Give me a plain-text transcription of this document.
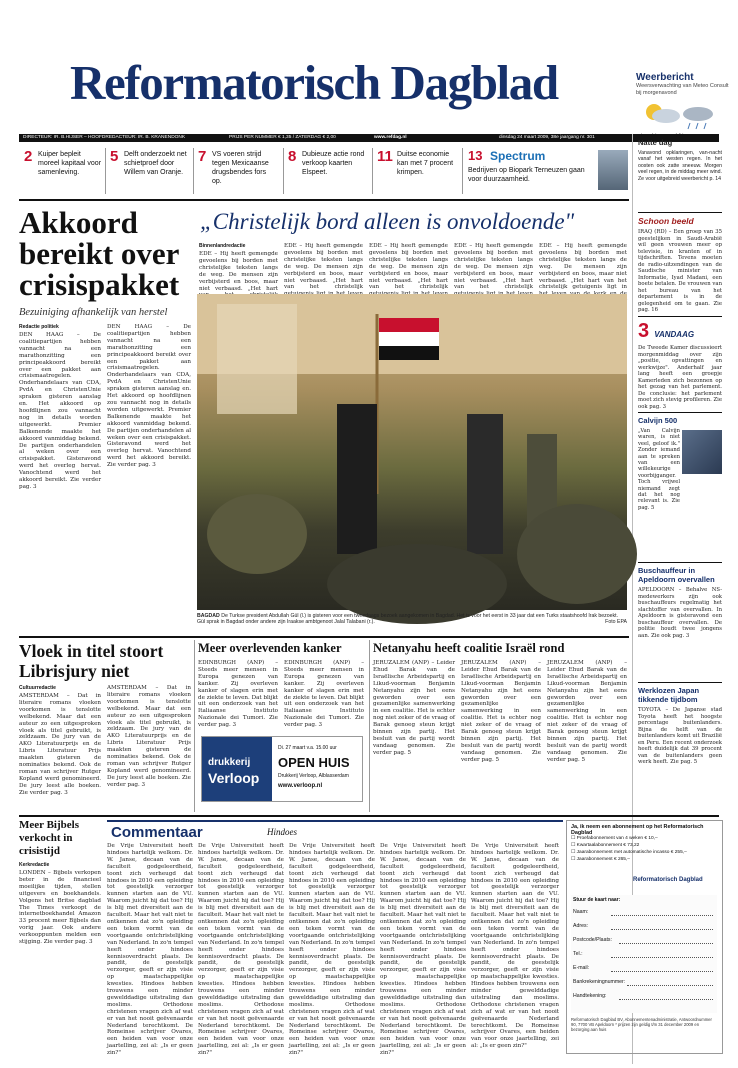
Reformatorisch Dagblad	Weerbericht
Weersverwachting van Meteo Consult
bij morgenavond
DIRECTEUR: IR. B.HIJSER – HOOFDREDACTEUR: IR. B. KRANENDONK	PRIJS PER NUMMER € 1,35 / ZATERDAG € 2,00	www.refdag.nl	dinsdag 24 maart 2009, 38e jaargang nr. 301
2 Kuiper bepleit moreel kapitaal voor samenleving.
5 Delft onderzoekt net schietproef door Willem van Oranje.
7 VS voeren strijd tegen Mexicaanse drugsbendes fors op.
8 Dubieuze actie rond verkoop kaarten Elspeet.
11 Duitse economie kan met 7 procent krimpen.
13 Spectrum
Bedrijven op Biopark Terneuzen gaan voor duurzaamheid.
Natte dag
Vanavond opklaringen, van-nacht vanaf het westen regen. In het oosten ook zatte sneeuw. Morgen veel regen, in de middag meer wind. Ze voor uitgebreid weerbericht p. 14
Schoon beeld
IRAQ (RD) – Een groep van 35 geestelijken in Saudi-Arabië wil geen vrouwen meer op televisie, in kranten of in tijdschriften. Tevens moeten de radio-uitzendingen van de Saudische minister van Informatie, Iyad Madani, een boete betalen. De vrouwen van het bureau van het departement is in de gelegenheid om te gaan. Zie pag. 16
3 VANDAAG
De Tweede Kamer discussieert morgenmiddag over zijn „positie, opvattingen en werkwijze". Anderhalf jaar lang heeft een groepje Kamerleden zich bezonnen op het gezag van het parlement. De conclusie: het parlement moet zich stevig profileren. Zie ook pag. 3
Calvijn 500
„Van Calvijn waren, is niet veel, geloof ik." Zonder iemand aan te spreken van een willekeurige voorbijganger. Toch vrijwel niemand zegt dat het nog relevant is. Zie pag. 5
Buschauffeur in Apeldoorn overvallen
APELDOORN – Behalve NS-medewerkers zijn ook buschauffeurs regelmatig het slachtoffer van overvallen. In Apeldoorn is gisteravond een buschauffeur overvallen. De politie houdt twee jongens aan. Zie ook pag. 3
Werklozen Japan tikkende tijdbom
TOYOTA – De Japanse stad Toyota heeft het hoogste percentage buitenlanders. Bijna de helft van de buitenlanders komt uit Brazilië en Peru. Een recent onderzoek heeft duidelijk dat 39 procent van de buitenlanders geen werk heeft. Zie pag. 5
Akkoord bereikt over crisispakket
Bezuiniging afhankelijk van herstel
Redactie politiek
DEN HAAG – De coalitiepartijen hebben vannacht na een marathonzitting een principeakkoord bereikt over een pakket aan crisismaatregelen. Onderhandelaars van CDA, PvdA en ChristenUnie spraken gisteren aanslag en. Het akkoord op hoofdlijnen zou vannacht nog in details worden uitgewerkt. Premier Balkenende maakte het akkoord vanmiddag bekend. De partijen onderhandelen al weken over een crisispakket. Gisteravond werd het overleg hervat. Vanochtend werd het akkoord bereikt. Zie verder pag. 3
DEN HAAG – De coalitiepartijen hebben vannacht na een marathonzitting een principeakkoord bereikt over een pakket aan crisismaatregelen. Onderhandelaars van CDA, PvdA en ChristenUnie spraken gisteren aanslag en. Het akkoord op hoofdlijnen zou vannacht nog in details worden uitgewerkt. Premier Balkenende maakte het akkoord vanmiddag bekend. De partijen onderhandelen al weken over een crisispakket. Gisteravond werd het overleg hervat. Vanochtend werd het akkoord bereikt. Zie verder pag. 3
„Christelijk bord alleen is onvoldoende"
Binnenlandredactie
EDE – Hij heeft gemengde gevoelens bij borden met christelijke teksten langs de weg. De mensen zijn verbijsterd en boos, maar niet verbaasd. „Het hart
EDE – Hij heeft gemengde gevoelens bij borden met christelijke teksten langs de weg. De mensen zijn verbijsterd en boos, maar niet verbaasd. „Het hart van het christelijk
EDE – Hij heeft gemengde gevoelens bij borden met christelijke teksten langs de weg. De mensen zijn verbijsterd en boos, maar niet verbaasd. „Het hart van het christelijk
EDE – Hij heeft gemengde gevoelens bij borden met christelijke teksten langs de weg. De mensen zijn verbijsterd en boos, maar niet verbaasd. „Het hart van het christelijk
EDE – Hij heeft gemengde gevoelens bij borden met christelijke teksten langs de weg. De mensen zijn verbijsterd en boos, maar niet verbaasd. „Het hart van het christelijk getuigenis ligt in
BAGDAD De Turkse president Abdullah Gül (l.) is gisteren voor een tweedaags bezoek aangekomen in Bagdad. Het is voor het eerst in 33 jaar dat een Turks staatshoofd Irak bezoekt. Gül sprak in Bagdad onder andere zijn Iraakse ambtgenoot Jalal Talabani (r.).	Foto EPA
Vloek in titel stoort Librisjury niet
Cultuurredactie
AMSTERDAM – Dat in literaire romans vloeken voorkomen is tenslotte welbekend. Maar dat een auteur zo een uitgesproken vloek als titel gebruikt, is zeldzaam. De jury van de AKO Literatuurprijs en de Libris Literatuur Prijs maakten gisteren de nominaties bekend. Ook de roman van schrijver Rutger Kopland werd genomineerd. De jury leest alle boeken. Zie verder pag. 3
AMSTERDAM – Dat in literaire romans vloeken voorkomen is tenslotte welbekend. Maar dat een auteur zo een uitgesproken vloek als titel gebruikt, is zeldzaam. De jury van de AKO Literatuurprijs en de Libris Literatuur Prijs maakten gisteren de nominaties bekend. Ook de roman van schrijver Rutger Kopland werd genomineerd. De jury leest alle boeken. Zie verder pag. 3
Meer overlevenden kanker
EDINBURGH (ANP) – Steeds meer mensen in Europa genezen van kanker. Zij overleven kanker of slagen erin met de ziekte te leven. Dat blijkt uit een onderzoek van het Italiaanse Instituto Nazionale dei Tumori. Zie verder pag. 3
EDINBURGH (ANP) – Steeds meer mensen in Europa genezen van kanker. Zij overleven kanker of slagen erin met de ziekte te leven. Dat blijkt uit een onderzoek van het Italiaanse Instituto Nazionale dei Tumori. Zie verder pag. 3
drukkerij
Verloop
Di. 27 maart v.a. 15.00 uur
OPEN HUIS
Drukkerij Verloop, Alblasserdam
www.verloop.nl
Netanyahu heeft coalitie Israël rond
JERUZALEM (ANP) – Leider Ehud Barak van de Israëlische Arbeidspartij en Likud-voorman Benjamin Netanyahu zijn het eens geworden over een gezamenlijke samenwerking in een coalitie. Het is echter nog niet zeker of de vraag of Barak genoeg steun krijgt binnen zijn partij. Het besluit van de partij wordt vandaag genomen. Zie verder pag. 5
JERUZALEM (ANP) – Leider Ehud Barak van de Israëlische Arbeidspartij en Likud-voorman Benjamin Netanyahu zijn het eens geworden over een gezamenlijke samenwerking in een coalitie. Het is echter nog niet zeker of de vraag of Barak genoeg steun krijgt binnen zijn partij. Het besluit van de partij wordt vandaag genomen. Zie verder pag. 5
JERUZALEM (ANP) – Leider Ehud Barak van de Israëlische Arbeidspartij en Likud-voorman Benjamin Netanyahu zijn het eens geworden over een gezamenlijke samenwerking in een coalitie. Het is echter nog niet zeker of de vraag of Barak genoeg steun krijgt binnen zijn partij. Het besluit van de partij wordt vandaag genomen. Zie verder pag. 5
Meer Bijbels verkocht in crisistijd
Kerkredactie
LONDEN – Bijbels verkopen beter in de financieel moeilijke tijden, stellen uitgevers en boekhandels. Volgens het Britse dagblad The Times verkoopt de internetboekhandel Amazon 33 procent meer Bijbels dan vorig jaar. Ook andere verkooppunten melden een stijging. Zie verder pag. 3
Commentaar	Hindoes
De Vrije Universiteit heeft hindoes hartelijk welkom. Dr. W. Janse, decaan van de faculteit godgeleerdheid, toont zich verheugd dat hindoes in 2010 een opleiding tot geestelijk verzorger kunnen starten aan de VU. Waarom juicht hij dat toe? Hij is blij met diversiteit aan de faculteit. Maar het valt niet te ontkennen dat zo'n opleiding een teken vormt van de voortgaande ontchristelijking van Nederland. In zo'n tempel heeft onder hindoes kennisoverdracht plaats. De pandit, de geestelijk verzorger, geeft er zijn visie op maatschappelijke kwesties. Hindoes hebben trouwens een minder gewelddadige uitstraling dan moslims. Orthodoxe christenen vragen zich af wat er van het nooit geëvenaarde Nederland terechtkomt. De Romeinse schrijver Ovares, een heiden van voor onze jaartelling, zei al: „Is er geen zin?"
De Vrije Universiteit heeft hindoes hartelijk welkom. Dr. W. Janse, decaan van de faculteit godgeleerdheid, toont zich verheugd dat hindoes in 2010 een opleiding tot geestelijk verzorger kunnen starten aan de VU. Waarom juicht hij dat toe? Hij is blij met diversiteit aan de faculteit. Maar het valt niet te ontkennen dat zo'n opleiding een teken vormt van de voortgaande ontchristelijking van Nederland. In zo'n tempel heeft onder hindoes kennisoverdracht plaats. De pandit, de geestelijk verzorger, geeft er zijn visie op maatschappelijke kwesties. Hindoes hebben trouwens een minder gewelddadige uitstraling dan moslims. Orthodoxe christenen vragen zich af wat er van het nooit geëvenaarde Nederland terechtkomt. De Romeinse schrijver Ovares, een heiden van voor onze jaartelling, zei al: „Is er geen zin?"
De Vrije Universiteit heeft hindoes hartelijk welkom. Dr. W. Janse, decaan van de faculteit godgeleerdheid, toont zich verheugd dat hindoes in 2010 een opleiding tot geestelijk verzorger kunnen starten aan de VU. Waarom juicht hij dat toe? Hij is blij met diversiteit aan de faculteit. Maar het valt niet te ontkennen dat zo'n opleiding een teken vormt van de voortgaande ontchristelijking van Nederland. In zo'n tempel heeft onder hindoes kennisoverdracht plaats. De pandit, de geestelijk verzorger, geeft er zijn visie op maatschappelijke kwesties. Hindoes hebben trouwens een minder gewelddadige uitstraling dan moslims. Orthodoxe christenen vragen zich af wat er van het nooit geëvenaarde Nederland terechtkomt. De Romeinse schrijver Ovares, een heiden van voor onze jaartelling, zei al: „Is er geen zin?"
De Vrije Universiteit heeft hindoes hartelijk welkom. Dr. W. Janse, decaan van de faculteit godgeleerdheid, toont zich verheugd dat hindoes in 2010 een opleiding tot geestelijk verzorger kunnen starten aan de VU. Waarom juicht hij dat toe? Hij is blij met diversiteit aan de faculteit. Maar het valt niet te ontkennen dat zo'n opleiding een teken vormt van de voortgaande ontchristelijking van Nederland. In zo'n tempel heeft onder hindoes kennisoverdracht plaats. De pandit, de geestelijk verzorger, geeft er zijn visie op maatschappelijke kwesties. Hindoes hebben trouwens een minder gewelddadige uitstraling dan moslims. Orthodoxe christenen vragen zich af wat er van het nooit geëvenaarde Nederland terechtkomt. De Romeinse schrijver Ovares, een heiden van voor onze jaartelling, zei al: „Is er geen zin?"
De Vrije Universiteit heeft hindoes hartelijk welkom. Dr. W. Janse, decaan van de faculteit godgeleerdheid, toont zich verheugd dat hindoes in 2010 een opleiding tot geestelijk verzorger kunnen starten aan de VU. Waarom juicht hij dat toe? Hij is blij met diversiteit aan de faculteit. Maar het valt niet te ontkennen dat zo'n opleiding een teken vormt van de voortgaande ontchristelijking van Nederland. In zo'n tempel heeft onder hindoes kennisoverdracht plaats. De pandit, de geestelijk verzorger, geeft er zijn visie op maatschappelijke kwesties. Hindoes hebben trouwens een minder gewelddadige uitstraling dan moslims. Orthodoxe christenen vragen zich af wat er van het nooit geëvenaarde Nederland terechtkomt. De Romeinse schrijver Ovares, een heiden van voor onze jaartelling, zei al: „Is er geen zin?"
Ja, ik neem een abonnement op het Reformatorisch Dagblad
☐ Proefabonnement van 4 weken € 10,–
☐ Kwartaalabonnement € 73,22
☐ Jaarabonnement met automatische incasso € 255,–
☐ Jaarabonnement € 265,–
Reformatorisch Dagblad
Stuur de kaart naar:
Naam:
Adres:
Postcode/Plaats:
Tel.:
E-mail:
Bankrekeningnummer:
Handtekening:
Reformatorisch Dagblad BV, Abonnementenadministratie, Antwoordnummer 90, 7700 VB Apeldoorn * prijzen zijn geldig t/m 31 december 2009 en bezorging aan huis
